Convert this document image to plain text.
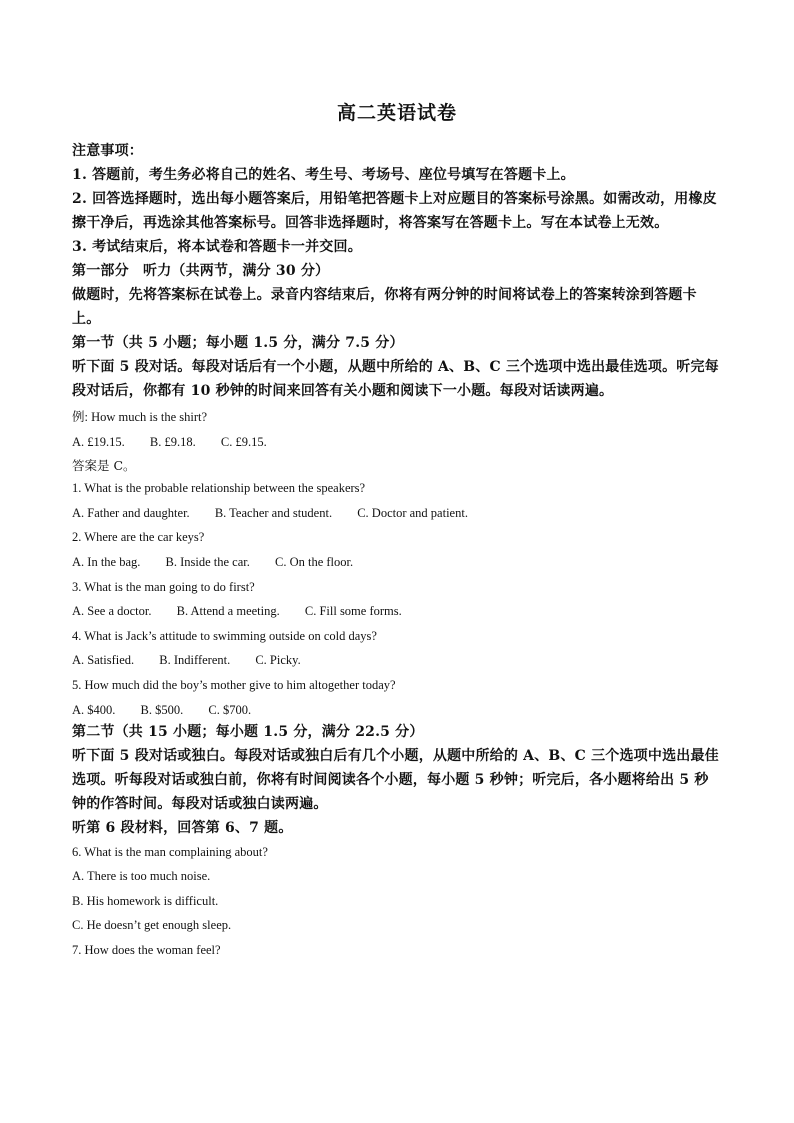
高二英语试卷

注意事项：

1. 答题前，考生务必将自己的姓名、考生号、考场号、座位号填写在答题卡上。

2. 回答选择题时，选出每小题答案后，用铅笔把答题卡上对应题目的答案标号涂黑。如需改动，用橡皮擦干净后，再选涂其他答案标号。回答非选择题时，将答案写在答题卡上。写在本试卷上无效。

3. 考试结束后，将本试卷和答题卡一并交回。

第一部分　听力（共两节，满分 30 分）

做题时，先将答案标在试卷上。录音内容结束后，你将有两分钟的时间将试卷上的答案转涂到答题卡上。

第一节（共 5 小题；每小题 1.5 分，满分 7.5 分）

听下面 5 段对话。每段对话后有一个小题，从题中所给的 A、B、C 三个选项中选出最佳选项。听完每段对话后，你都有 10 秒钟的时间来回答有关小题和阅读下一小题。每段对话读两遍。

例: How much is the shirt?

A. £19.15. B. £9.18. C. £9.15.

答案是 C。

1. What is the probable relationship between the speakers?

A. Father and daughter. B. Teacher and student. C. Doctor and patient.

2. Where are the car keys?

A. In the bag. B. Inside the car. C. On the floor.

3. What is the man going to do first?

A. See a doctor. B. Attend a meeting. C. Fill some forms.

4. What is Jack’s attitude to swimming outside on cold days?

A. Satisfied. B. Indifferent. C. Picky.

5. How much did the boy’s mother give to him altogether today?

A. $400. B. $500. C. $700.

第二节（共 15 小题；每小题 1.5 分，满分 22.5 分）

听下面 5 段对话或独白。每段对话或独白后有几个小题，从题中所给的 A、B、C 三个选项中选出最佳选项。听每段对话或独白前，你将有时间阅读各个小题，每小题 5 秒钟；听完后，各小题将给出 5 秒钟的作答时间。每段对话或独白读两遍。

听第 6 段材料，回答第 6、7 题。

6. What is the man complaining about?

A. There is too much noise.

B. His homework is difficult.

C. He doesn’t get enough sleep.

7. How does the woman feel?
